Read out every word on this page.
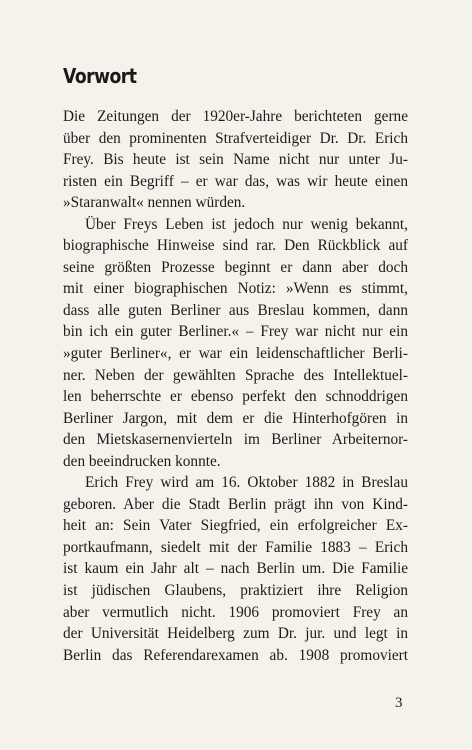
Vorwort

Die Zeitungen der 1920er-Jahre berichteten gerne
über den prominenten Strafverteidiger Dr. Dr. Erich
Frey. Bis heute ist sein Name nicht nur unter Ju-
risten ein Begriff – er war das, was wir heute einen
»Staranwalt« nennen würden.

Über Freys Leben ist jedoch nur wenig bekannt,
biographische Hinweise sind rar. Den Rückblick auf
seine größten Prozesse beginnt er dann aber doch
mit einer biographischen Notiz: »Wenn es stimmt,
dass alle guten Berliner aus Breslau kommen, dann
bin ich ein guter Berliner.« – Frey war nicht nur ein
»guter Berliner«, er war ein leidenschaftlicher Berli-
ner. Neben der gewählten Sprache des Intellektuel-
len beherrschte er ebenso perfekt den schnoddrigen
Berliner Jargon, mit dem er die Hinterhofgören in
den Mietskasernenvierteln im Berliner Arbeiternor-
den beeindrucken konnte.

Erich Frey wird am 16. Oktober 1882 in Breslau
geboren. Aber die Stadt Berlin prägt ihn von Kind-
heit an: Sein Vater Siegfried, ein erfolgreicher Ex-
portkaufmann, siedelt mit der Familie 1883 – Erich
ist kaum ein Jahr alt – nach Berlin um. Die Familie
ist jüdischen Glaubens, praktiziert ihre Religion
aber vermutlich nicht. 1906 promoviert Frey an
der Universität Heidelberg zum Dr. jur. und legt in
Berlin das Referendarexamen ab. 1908 promoviert

3
